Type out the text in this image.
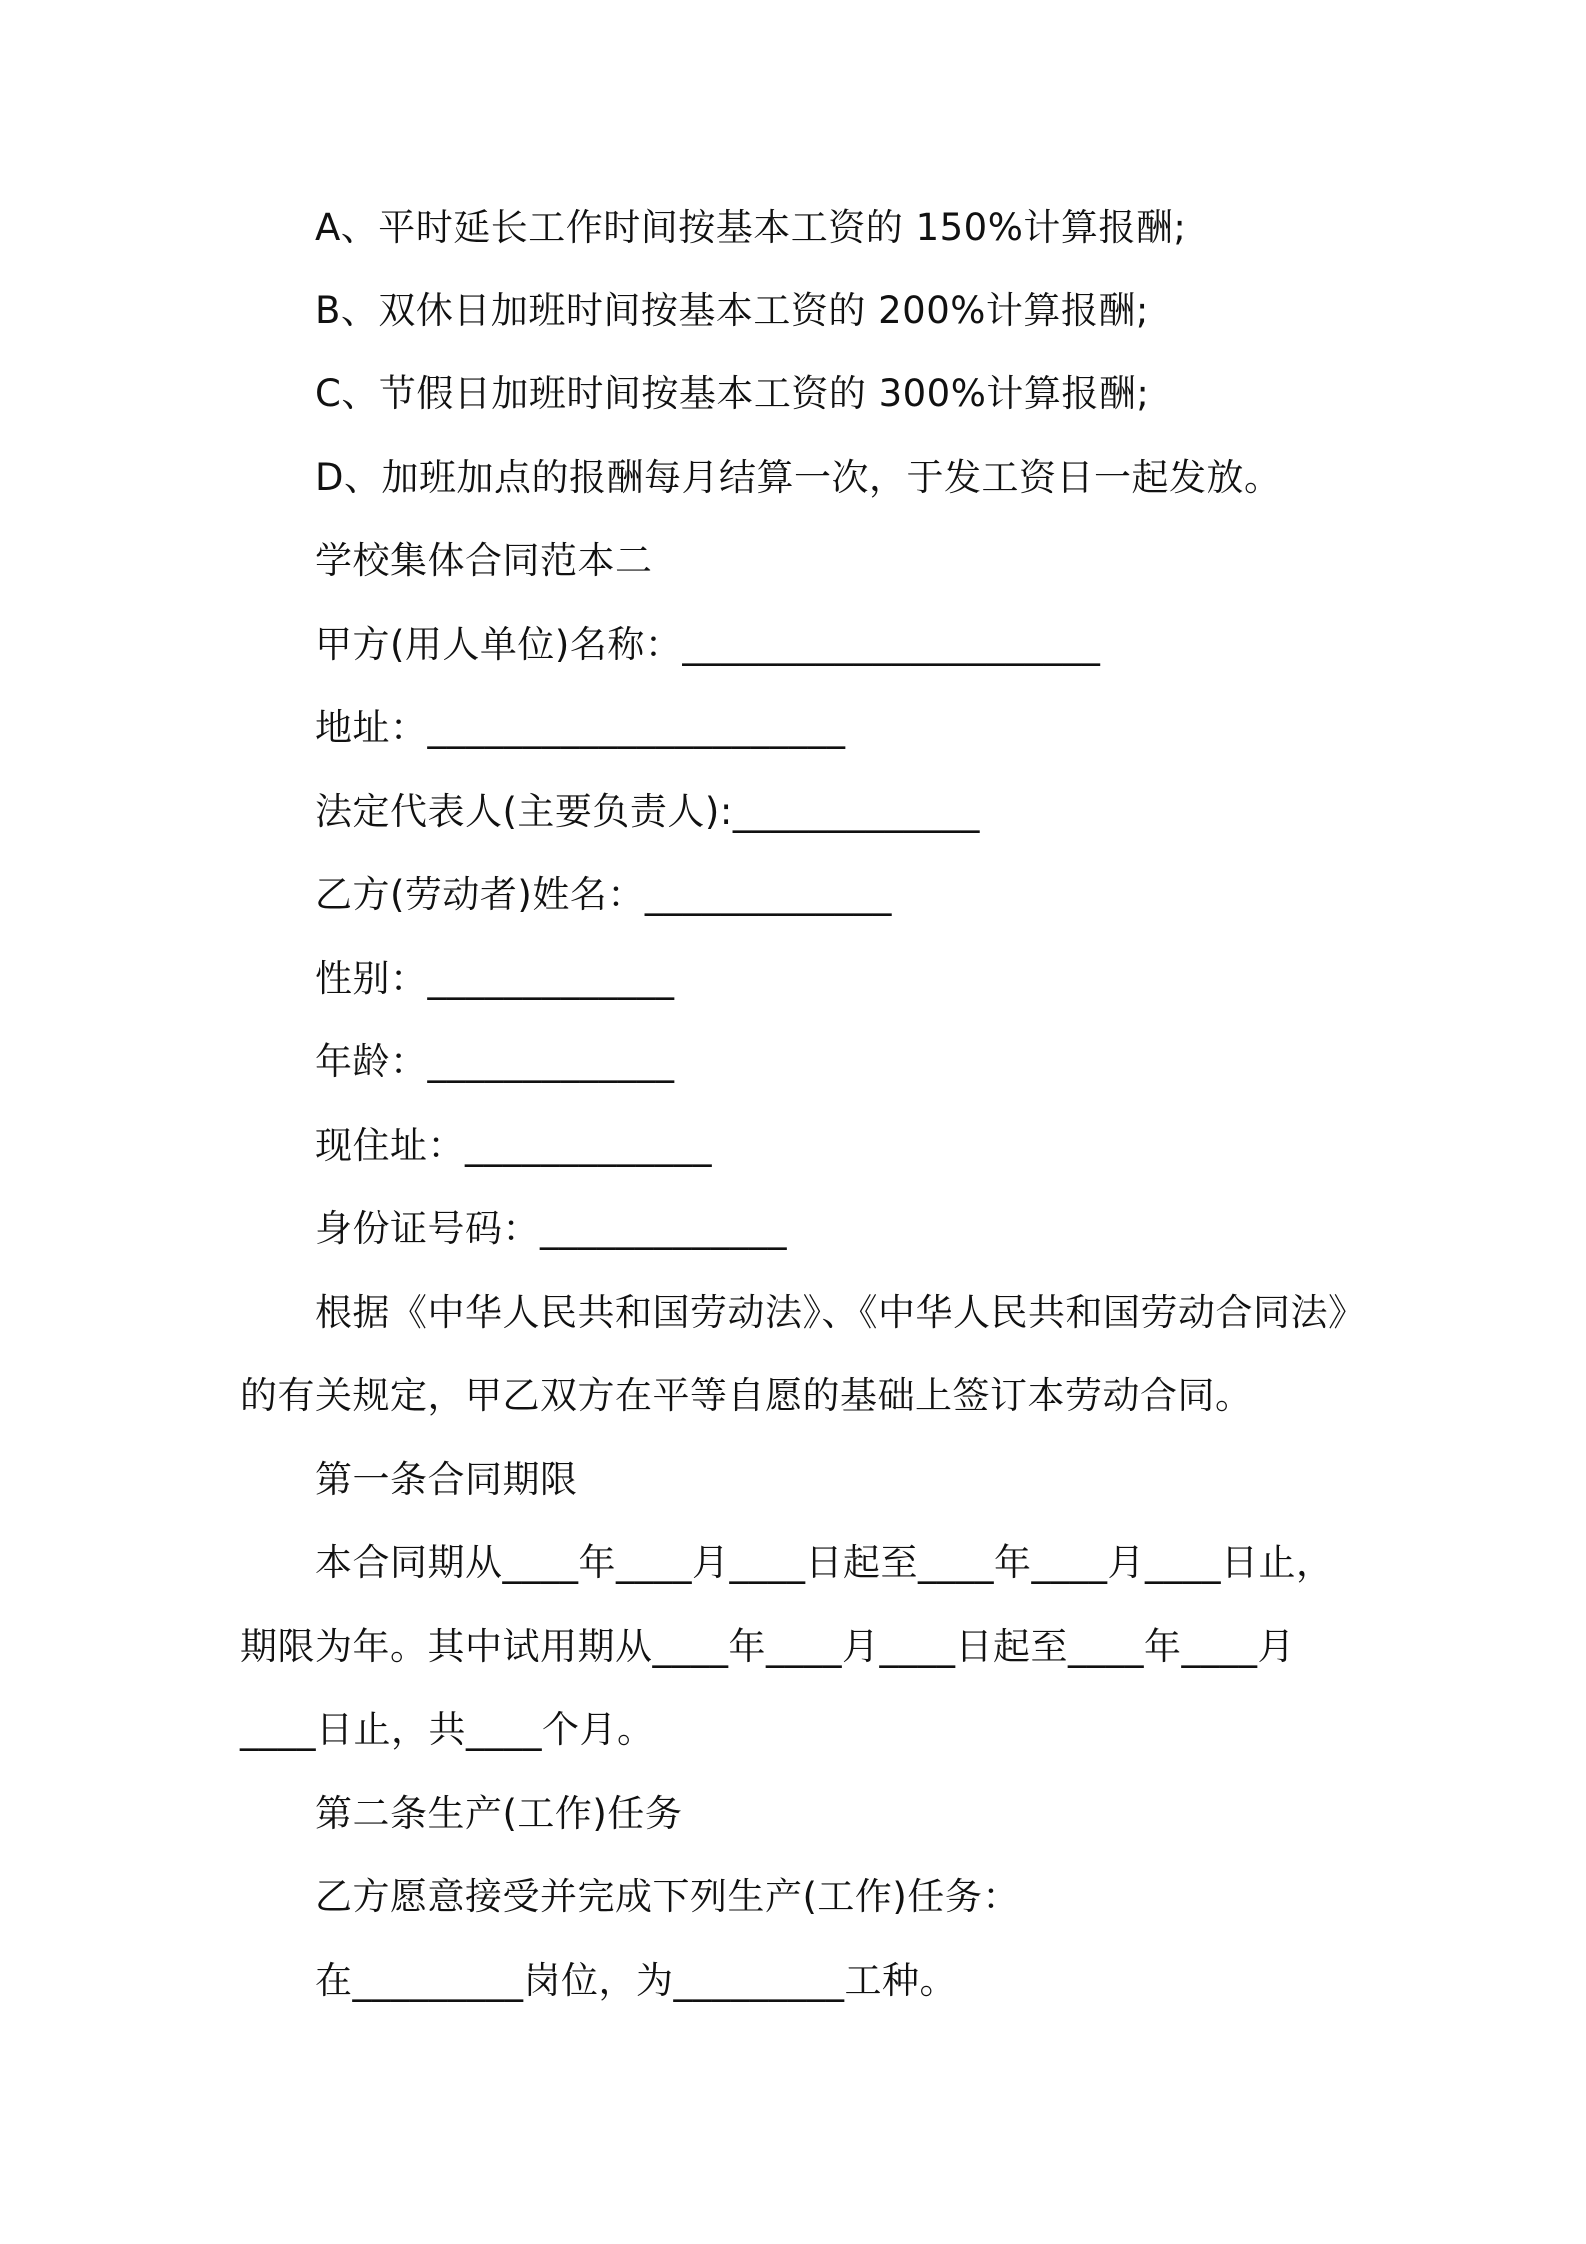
A、平时延长工作时间按基本工资的 150%计算报酬;
B、双休日加班时间按基本工资的 200%计算报酬;
C、节假日加班时间按基本工资的 300%计算报酬;
D、加班加点的报酬每月结算一次，于发工资日一起发放。
学校集体合同范本二
甲方(用人单位)名称：______________________
地址：______________________
法定代表人(主要负责人):_____________
乙方(劳动者)姓名：_____________
性别：_____________
年龄：_____________
现住址：_____________
身份证号码：_____________
根据《中华人民共和国劳动法》、《中华人民共和国劳动合同法》
的有关规定，甲乙双方在平等自愿的基础上签订本劳动合同。
第一条合同期限
本合同期从____年____月____日起至____年____月____日止，
期限为年。其中试用期从____年____月____日起至____年____月
____日止，共____个月。
第二条生产(工作)任务
乙方愿意接受并完成下列生产(工作)任务：
在_________岗位，为_________工种。
